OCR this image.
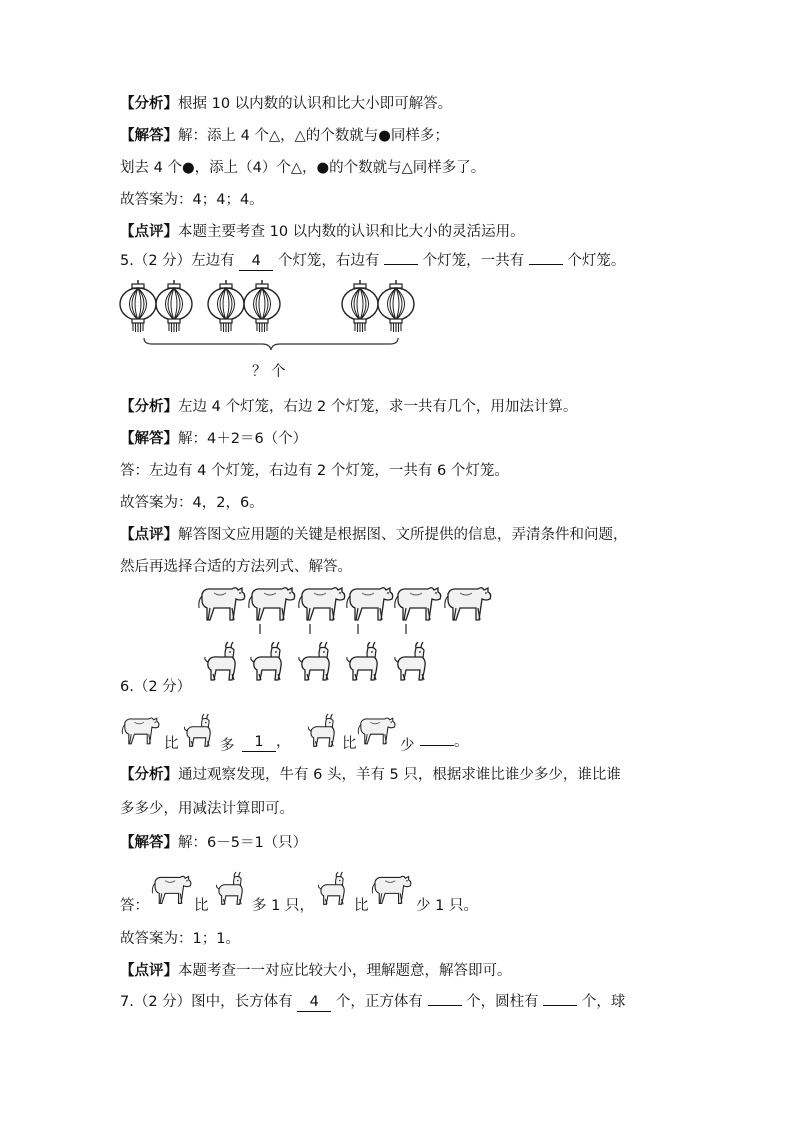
【分析】根据 10 以内数的认识和比大小即可解答。
【解答】解：添上 4 个△，△的个数就与●同样多；
划去 4 个●，添上（4）个△，●的个数就与△同样多了。
故答案为：4；4；4。
【点评】本题主要考查 10 以内数的认识和比大小的灵活运用。
5.（2 分）左边有 4 个灯笼，右边有	个灯笼，一共有	个灯笼。
？ 个
【分析】左边 4 个灯笼，右边 2 个灯笼，求一共有几个，用加法计算。
【解答】解：4＋2＝6（个）
答：左边有 4 个灯笼，右边有 2 个灯笼，一共有 6 个灯笼。
故答案为：4，2，6。
【点评】解答图文应用题的关键是根据图、文所提供的信息，弄清条件和问题，
然后再选择合适的方法列式、解答。
6.（2 分）
比	多	1 ，	比	少	。
【分析】通过观察发现，牛有 6 头，羊有 5 只，根据求谁比谁少多少，谁比谁
多多少，用减法计算即可。
【解答】解：6－5＝1（只）
答：	比	多 1 只，	比	少 1 只。
故答案为：1；1。
【点评】本题考查一一对应比较大小，理解题意，解答即可。
7.（2 分）图中，长方体有 4 个，正方体有	个，圆柱有	个，球
